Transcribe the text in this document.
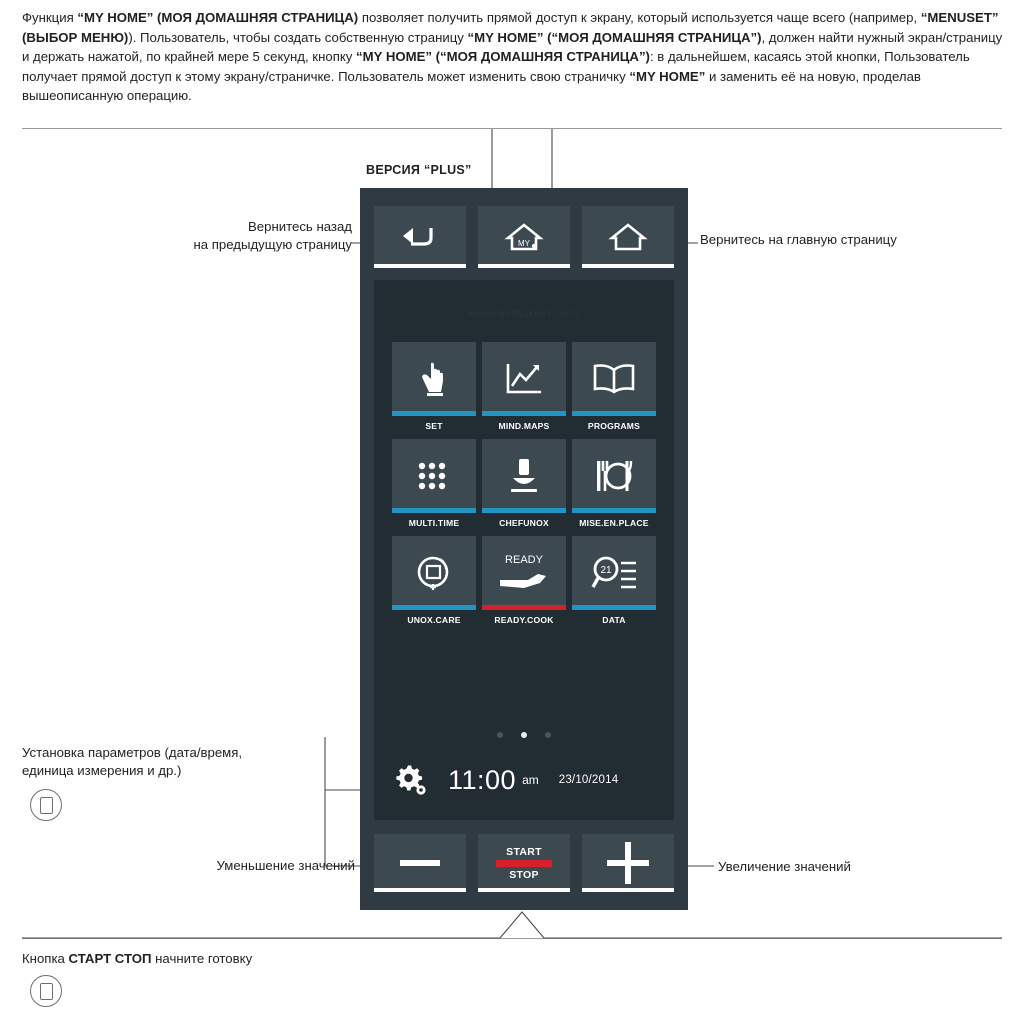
Функция “MY HOME” (МОЯ ДОМАШНЯЯ СТРАНИЦА) позволяет получить прямой доступ к экрану, который используется чаще всего (например, “MENUSET” (ВЫБОР МЕНЮ)). Пользователь, чтобы создать собственную страницу “MY HOME” (“МОЯ ДОМАШНЯЯ СТРАНИЦА”), должен найти нужный экран/страницу и держать нажатой, по крайней мере 5 секунд, кнопку “MY HOME” (“МОЯ ДОМАШНЯЯ СТРАНИЦА”): в дальнейшем, касаясь этой кнопки, Пользователь получает прямой доступ к этому экрану/страничке. Пользователь может изменить свою страничку “MY HOME” и заменить её на новую, проделав вышеописанную операцию.
ВЕРСИЯ “PLUS”
MY
www.bsmarket.com
SET	MIND.MAPS	PROGRAMS
MULTI.TIME	CHEFUNOX	MISE.EN.PLACE
UNOX.CARE
READY
READY.COOK
21
DATA

11:00 am 23/10/2014
START
STOP
Вернитесь назад
на предыдущую страницу	Вернитесь на главную страницу
Установка параметров (дата/время,
единица измерения и др.)
Уменьшение значений	Увеличение значений
Кнопка СТАРТ СТОП начните готовку
